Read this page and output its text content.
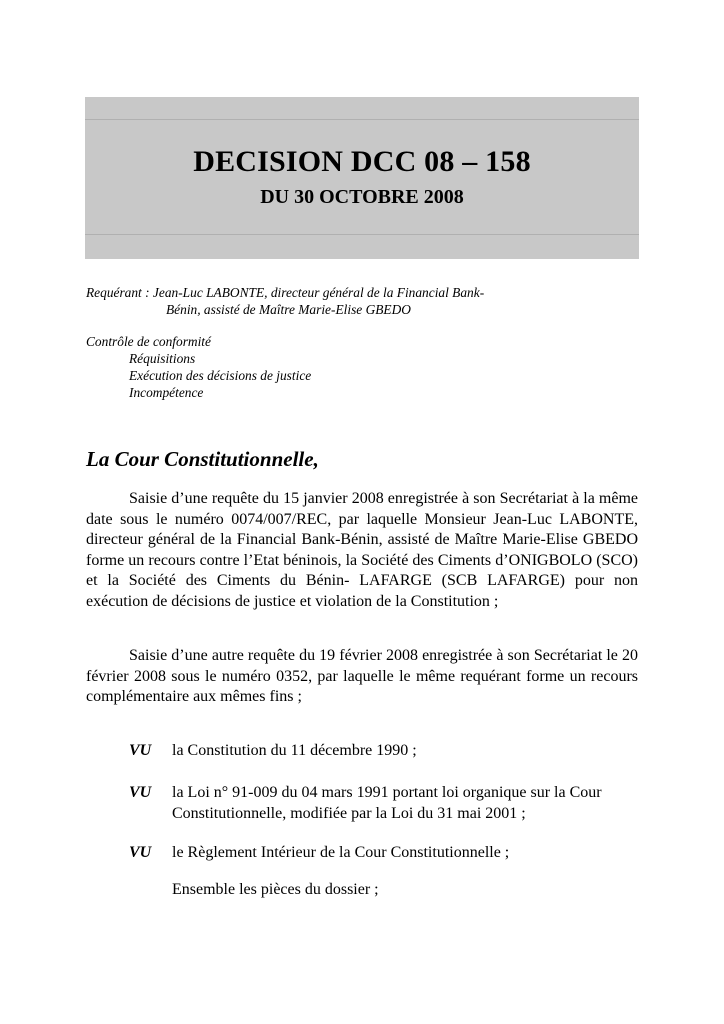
DECISION DCC 08 – 158
DU 30 OCTOBRE 2008
Requérant : Jean-Luc LABONTE, directeur général de la Financial Bank-
Bénin, assisté de Maître Marie-Elise GBEDO
Contrôle de conformité
Réquisitions
Exécution des décisions de justice
Incompétence
La Cour Constitutionnelle,

Saisie d’une requête du 15 janvier 2008 enregistrée à son Secrétariat à la même date sous le numéro 0074/007/REC, par laquelle Monsieur Jean-Luc LABONTE, directeur général de la Financial Bank-Bénin, assisté de Maître Marie-Elise GBEDO forme un recours contre l’Etat béninois, la Société des Ciments d’ONIGBOLO (SCO) et la Société des Ciments du Bénin- LAFARGE (SCB LAFARGE) pour non exécution de décisions de justice et violation de la Constitution ;

Saisie d’une autre requête du 19 février 2008 enregistrée à son Secrétariat le 20 février 2008 sous le numéro 0352, par laquelle le même requérant forme un recours complémentaire aux mêmes fins ;

VU la Constitution du 11 décembre 1990 ;
VU la Loi n° 91-009 du 04 mars 1991 portant loi organique sur la Cour Constitutionnelle, modifiée par la Loi du 31 mai 2001 ;
VU le Règlement Intérieur de la Cour Constitutionnelle ;
Ensemble les pièces du dossier ;
